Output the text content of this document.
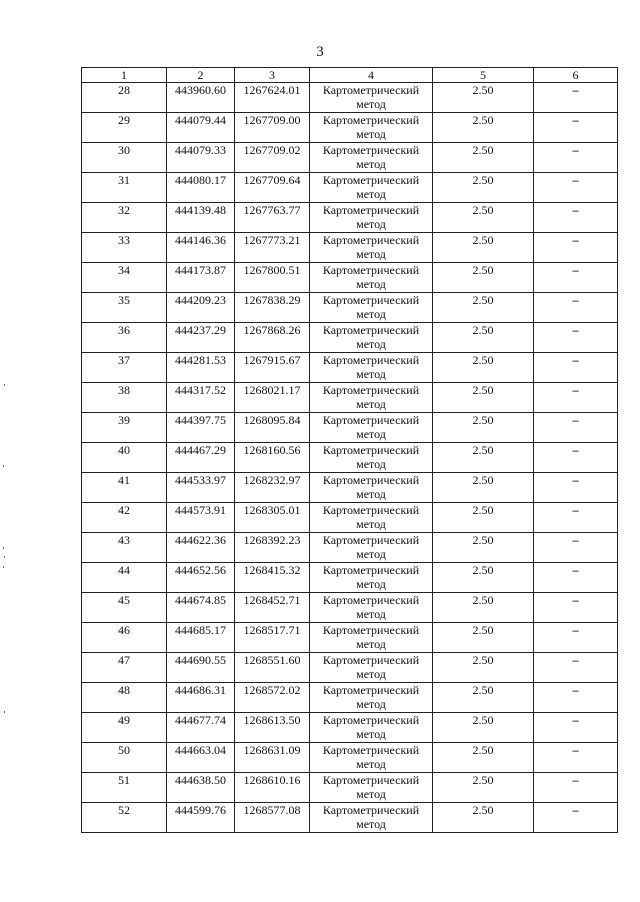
3
1	2	3	4	5	6
28	443960.60	1267624.01	Картометрический метод	2.50	–
29	444079.44	1267709.00	Картометрический метод	2.50	–
30	444079.33	1267709.02	Картометрический метод	2.50	–
31	444080.17	1267709.64	Картометрический метод	2.50	–
32	444139.48	1267763.77	Картометрический метод	2.50	–
33	444146.36	1267773.21	Картометрический метод	2.50	–
34	444173.87	1267800.51	Картометрический метод	2.50	–
35	444209.23	1267838.29	Картометрический метод	2.50	–
36	444237.29	1267868.26	Картометрический метод	2.50	–
37	444281.53	1267915.67	Картометрический метод	2.50	–
38	444317.52	1268021.17	Картометрический метод	2.50	–
39	444397.75	1268095.84	Картометрический метод	2.50	–
40	444467.29	1268160.56	Картометрический метод	2.50	–
41	444533.97	1268232.97	Картометрический метод	2.50	–
42	444573.91	1268305.01	Картометрический метод	2.50	–
43	444622.36	1268392.23	Картометрический метод	2.50	–
44	444652.56	1268415.32	Картометрический метод	2.50	–
45	444674.85	1268452.71	Картометрический метод	2.50	–
46	444685.17	1268517.71	Картометрический метод	2.50	–
47	444690.55	1268551.60	Картометрический метод	2.50	–
48	444686.31	1268572.02	Картометрический метод	2.50	–
49	444677.74	1268613.50	Картометрический метод	2.50	–
50	444663.04	1268631.09	Картометрический метод	2.50	–
51	444638.50	1268610.16	Картометрический метод	2.50	–
52	444599.76	1268577.08	Картометрический метод	2.50	–
